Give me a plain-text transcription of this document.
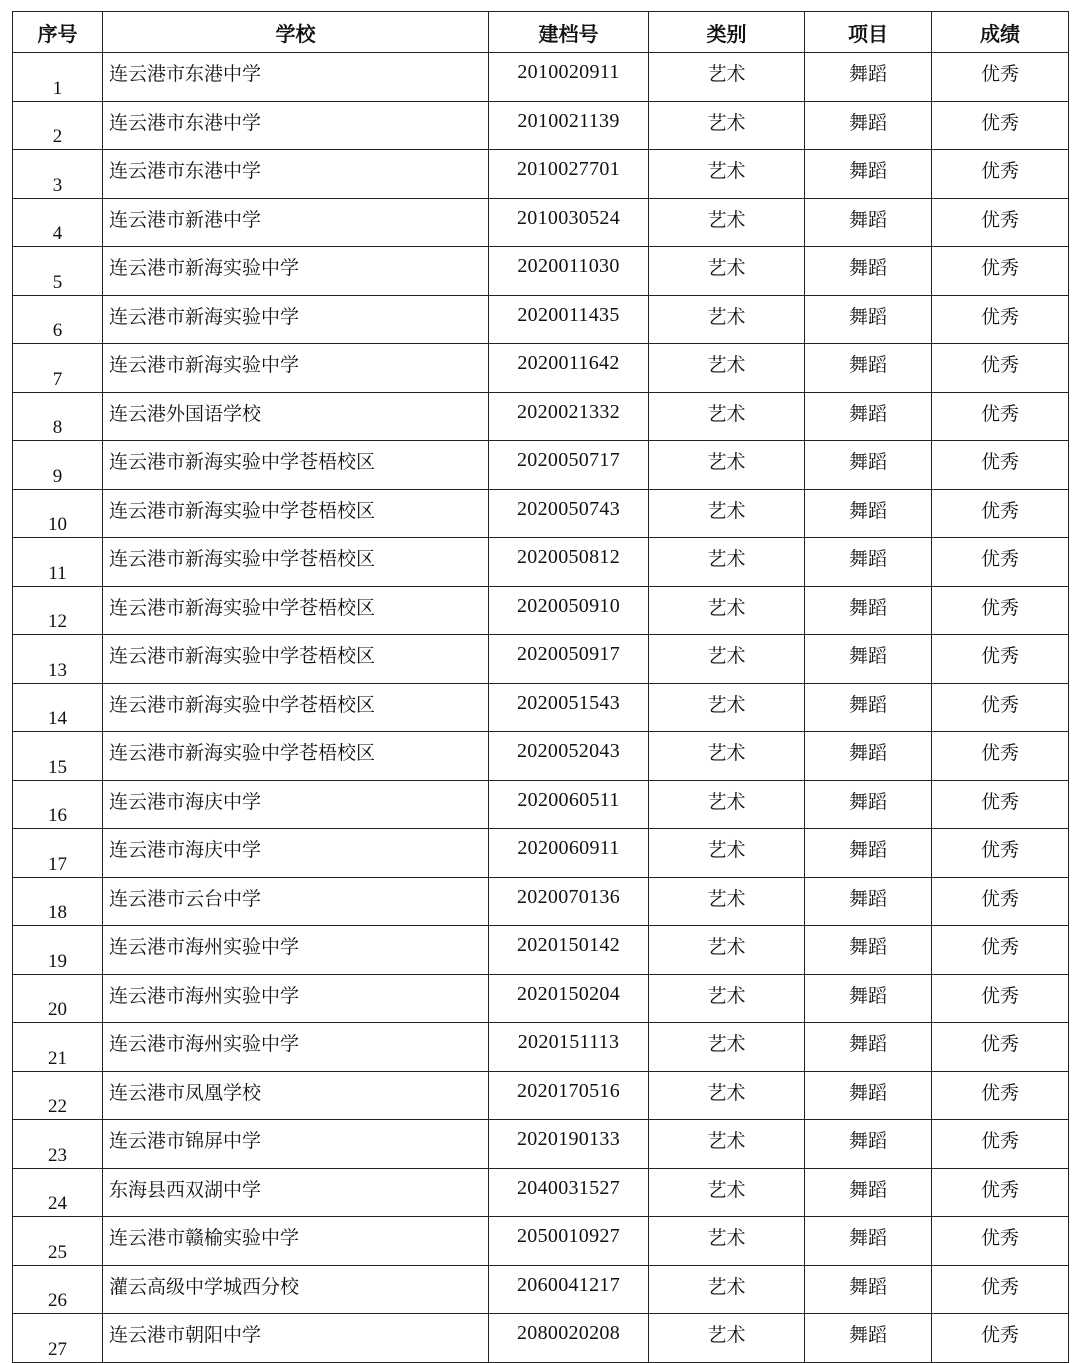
序号	学校	建档号	类别	项目	成绩
1	连云港市东港中学	2010020911	艺术	舞蹈	优秀
2	连云港市东港中学	2010021139	艺术	舞蹈	优秀
3	连云港市东港中学	2010027701	艺术	舞蹈	优秀
4	连云港市新港中学	2010030524	艺术	舞蹈	优秀
5	连云港市新海实验中学	2020011030	艺术	舞蹈	优秀
6	连云港市新海实验中学	2020011435	艺术	舞蹈	优秀
7	连云港市新海实验中学	2020011642	艺术	舞蹈	优秀
8	连云港外国语学校	2020021332	艺术	舞蹈	优秀
9	连云港市新海实验中学苍梧校区	2020050717	艺术	舞蹈	优秀
10	连云港市新海实验中学苍梧校区	2020050743	艺术	舞蹈	优秀
11	连云港市新海实验中学苍梧校区	2020050812	艺术	舞蹈	优秀
12	连云港市新海实验中学苍梧校区	2020050910	艺术	舞蹈	优秀
13	连云港市新海实验中学苍梧校区	2020050917	艺术	舞蹈	优秀
14	连云港市新海实验中学苍梧校区	2020051543	艺术	舞蹈	优秀
15	连云港市新海实验中学苍梧校区	2020052043	艺术	舞蹈	优秀
16	连云港市海庆中学	2020060511	艺术	舞蹈	优秀
17	连云港市海庆中学	2020060911	艺术	舞蹈	优秀
18	连云港市云台中学	2020070136	艺术	舞蹈	优秀
19	连云港市海州实验中学	2020150142	艺术	舞蹈	优秀
20	连云港市海州实验中学	2020150204	艺术	舞蹈	优秀
21	连云港市海州实验中学	2020151113	艺术	舞蹈	优秀
22	连云港市凤凰学校	2020170516	艺术	舞蹈	优秀
23	连云港市锦屏中学	2020190133	艺术	舞蹈	优秀
24	东海县西双湖中学	2040031527	艺术	舞蹈	优秀
25	连云港市赣榆实验中学	2050010927	艺术	舞蹈	优秀
26	灌云高级中学城西分校	2060041217	艺术	舞蹈	优秀
27	连云港市朝阳中学	2080020208	艺术	舞蹈	优秀
